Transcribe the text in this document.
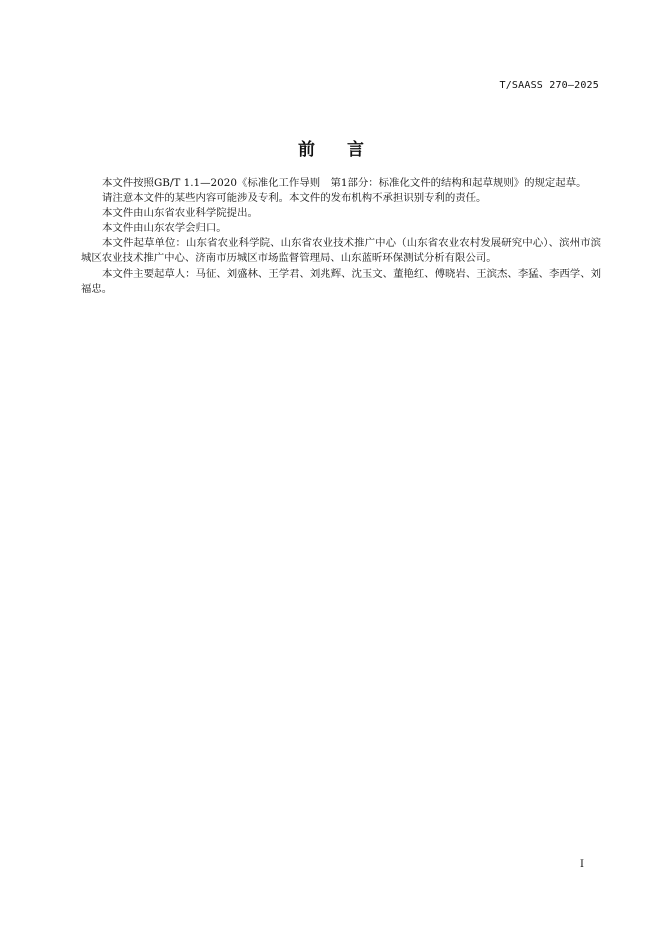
T/SAASS 270—2025
前 言

本文件按照GB/T 1.1—2020《标准化工作导则　第1部分：标准化文件的结构和起草规则》的规定起草。

请注意本文件的某些内容可能涉及专利。本文件的发布机构不承担识别专利的责任。

本文件由山东省农业科学院提出。

本文件由山东农学会归口。

本文件起草单位：山东省农业科学院、山东省农业技术推广中心（山东省农业农村发展研究中心）、滨州市滨城区农业技术推广中心、济南市历城区市场监督管理局、山东蓝昕环保测试分析有限公司。

本文件主要起草人：马征、刘盛林、王学君、刘兆辉、沈玉文、董艳红、傅晓岩、王滨杰、李猛、李西学、刘福忠。

I
